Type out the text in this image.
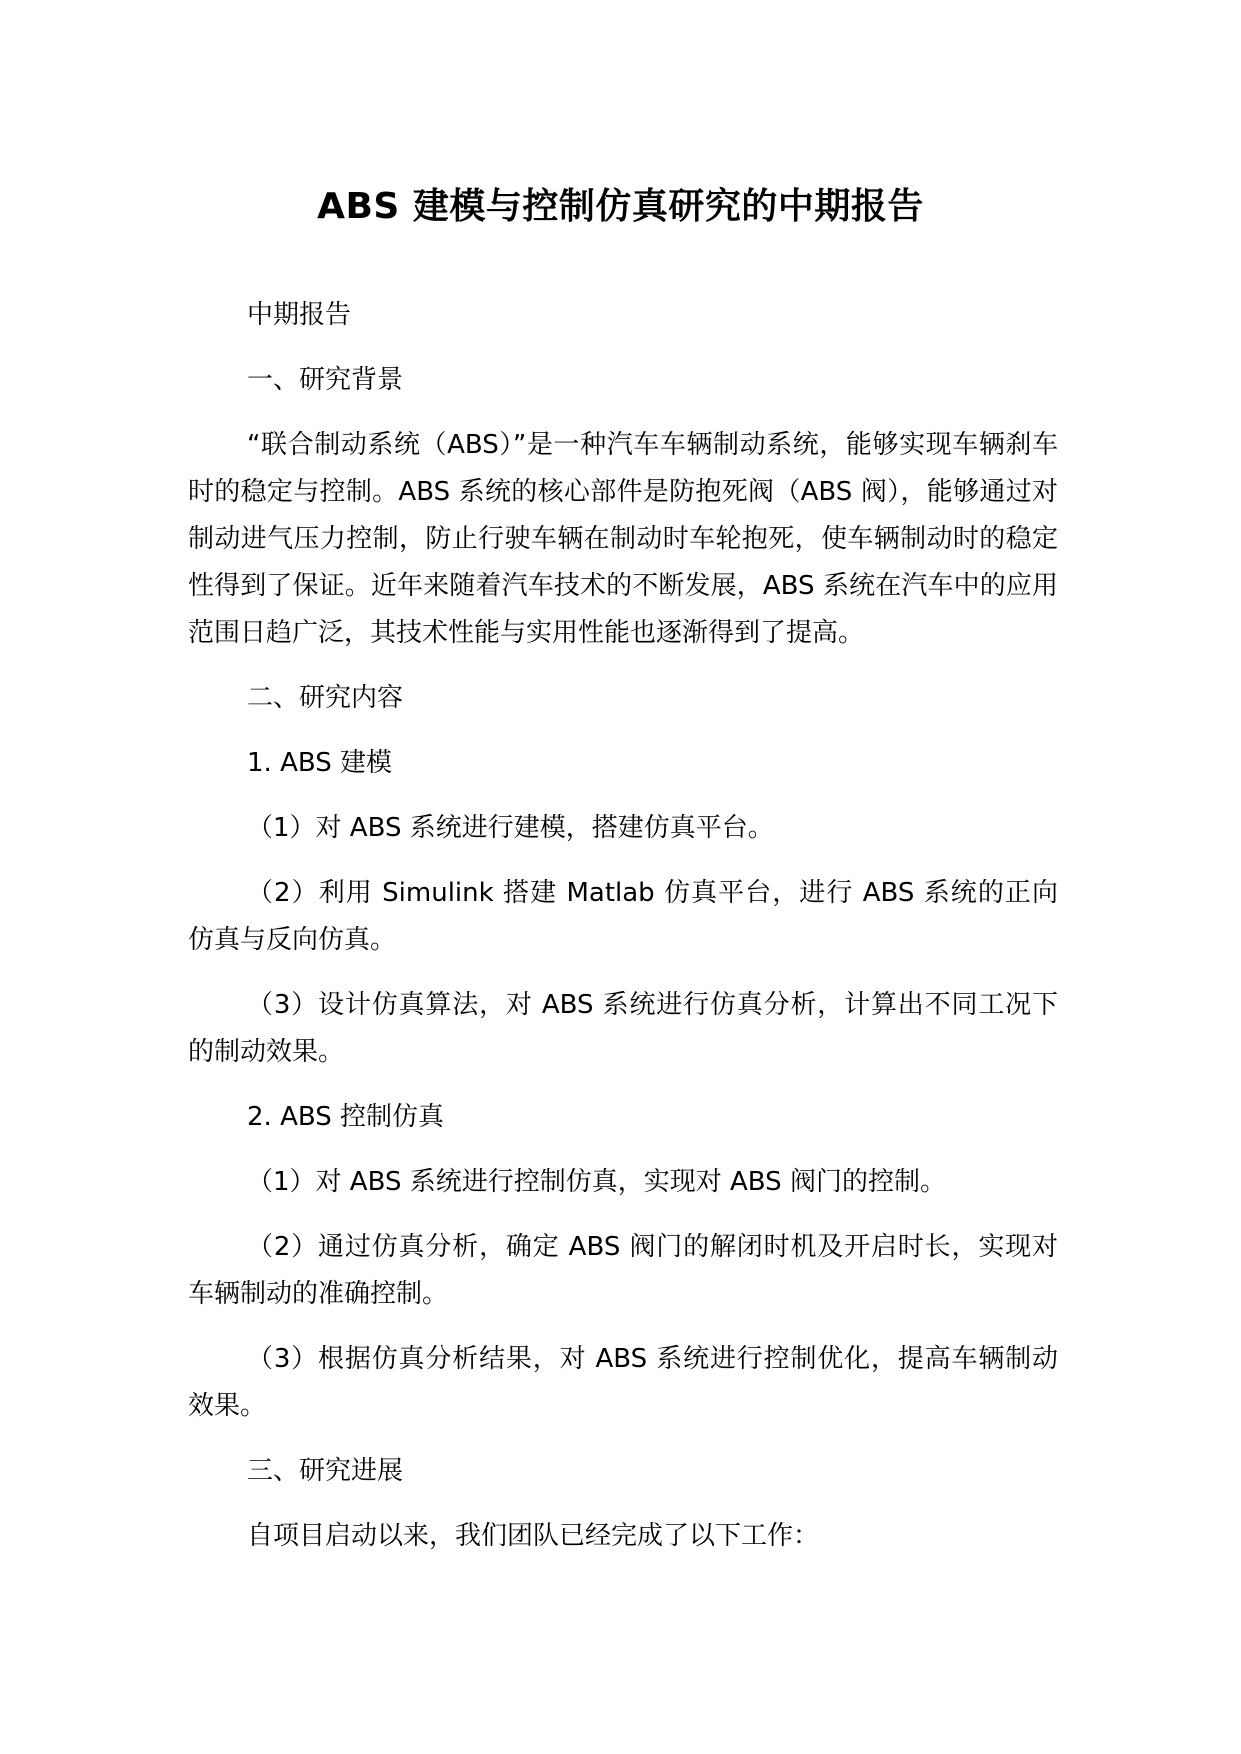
ABS 建模与控制仿真研究的中期报告

中期报告

一、研究背景

“联合制动系统（ABS）”是一种汽车车辆制动系统，能够实现车辆刹车时的稳定与控制。ABS 系统的核心部件是防抱死阀（ABS 阀），能够通过对制动进气压力控制，防止行驶车辆在制动时车轮抱死，使车辆制动时的稳定性得到了保证。近年来随着汽车技术的不断发展，ABS 系统在汽车中的应用范围日趋广泛，其技术性能与实用性能也逐渐得到了提高。

二、研究内容

1. ABS 建模

（1）对 ABS 系统进行建模，搭建仿真平台。

（2）利用 Simulink 搭建 Matlab 仿真平台，进行 ABS 系统的正向仿真与反向仿真。

（3）设计仿真算法，对 ABS 系统进行仿真分析，计算出不同工况下的制动效果。

2. ABS 控制仿真

（1）对 ABS 系统进行控制仿真，实现对 ABS 阀门的控制。

（2）通过仿真分析，确定 ABS 阀门的解闭时机及开启时长，实现对车辆制动的准确控制。

（3）根据仿真分析结果，对 ABS 系统进行控制优化，提高车辆制动效果。

三、研究进展

自项目启动以来，我们团队已经完成了以下工作：
